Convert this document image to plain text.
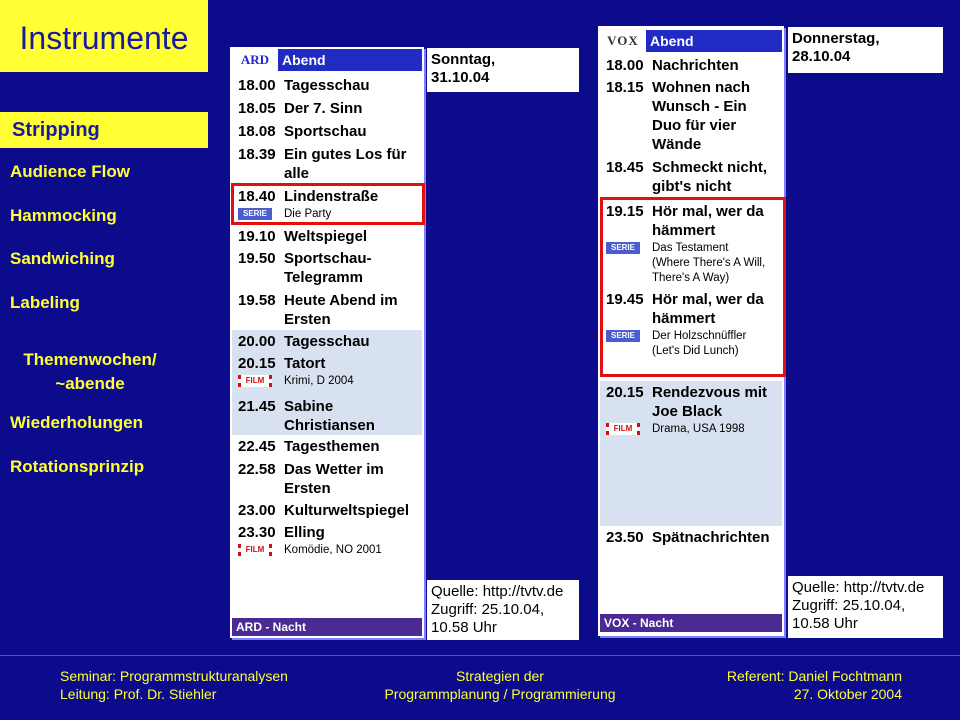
Instrumente
Stripping
Audience Flow
Hammocking
Sandwiching
Labeling
Themenwochen/
~abende
Wiederholungen
Rotationsprinzip
ARD Abend
18.00 Tagesschau
18.05 Der 7. Sinn
18.08 Sportschau
18.39 Ein gutes Los für
alle
18.40 Lindenstraße
SERIE	Die Party
19.10 Weltspiegel
19.50 Sportschau-
Telegramm
19.58 Heute Abend im
Ersten
20.00 Tagesschau
20.15 Tatort
FILM	Krimi, D 2004
21.45 Sabine
Christiansen
22.45 Tagesthemen
22.58 Das Wetter im
Ersten
23.00 Kulturweltspiegel
23.30 Elling
FILM	Komödie, NO 2001
ARD - Nacht
Sonntag,
31.10.04
Quelle: http://tvtv.de
Zugriff: 25.10.04,
10.58 Uhr
VOX Abend
18.00 Nachrichten
18.15 Wohnen nach
Wunsch - Ein
Duo für vier
Wände
18.45 Schmeckt nicht,
gibt's nicht
19.15 Hör mal, wer da
hämmert
SERIE	Das Testament
(Where There's A Will,
There's A Way)
19.45 Hör mal, wer da
hämmert
SERIE	Der Holzschnüffler
(Let's Did Lunch)
20.15 Rendezvous mit
Joe Black
FILM	Drama, USA 1998
23.50 Spätnachrichten
VOX - Nacht
Donnerstag,
28.10.04
Quelle: http://tvtv.de
Zugriff: 25.10.04,
10.58 Uhr
Seminar: Programmstrukturanalysen
Leitung: Prof. Dr. Stiehler
Strategien der
Programmplanung / Programmierung
Referent: Daniel Fochtmann
27. Oktober 2004
